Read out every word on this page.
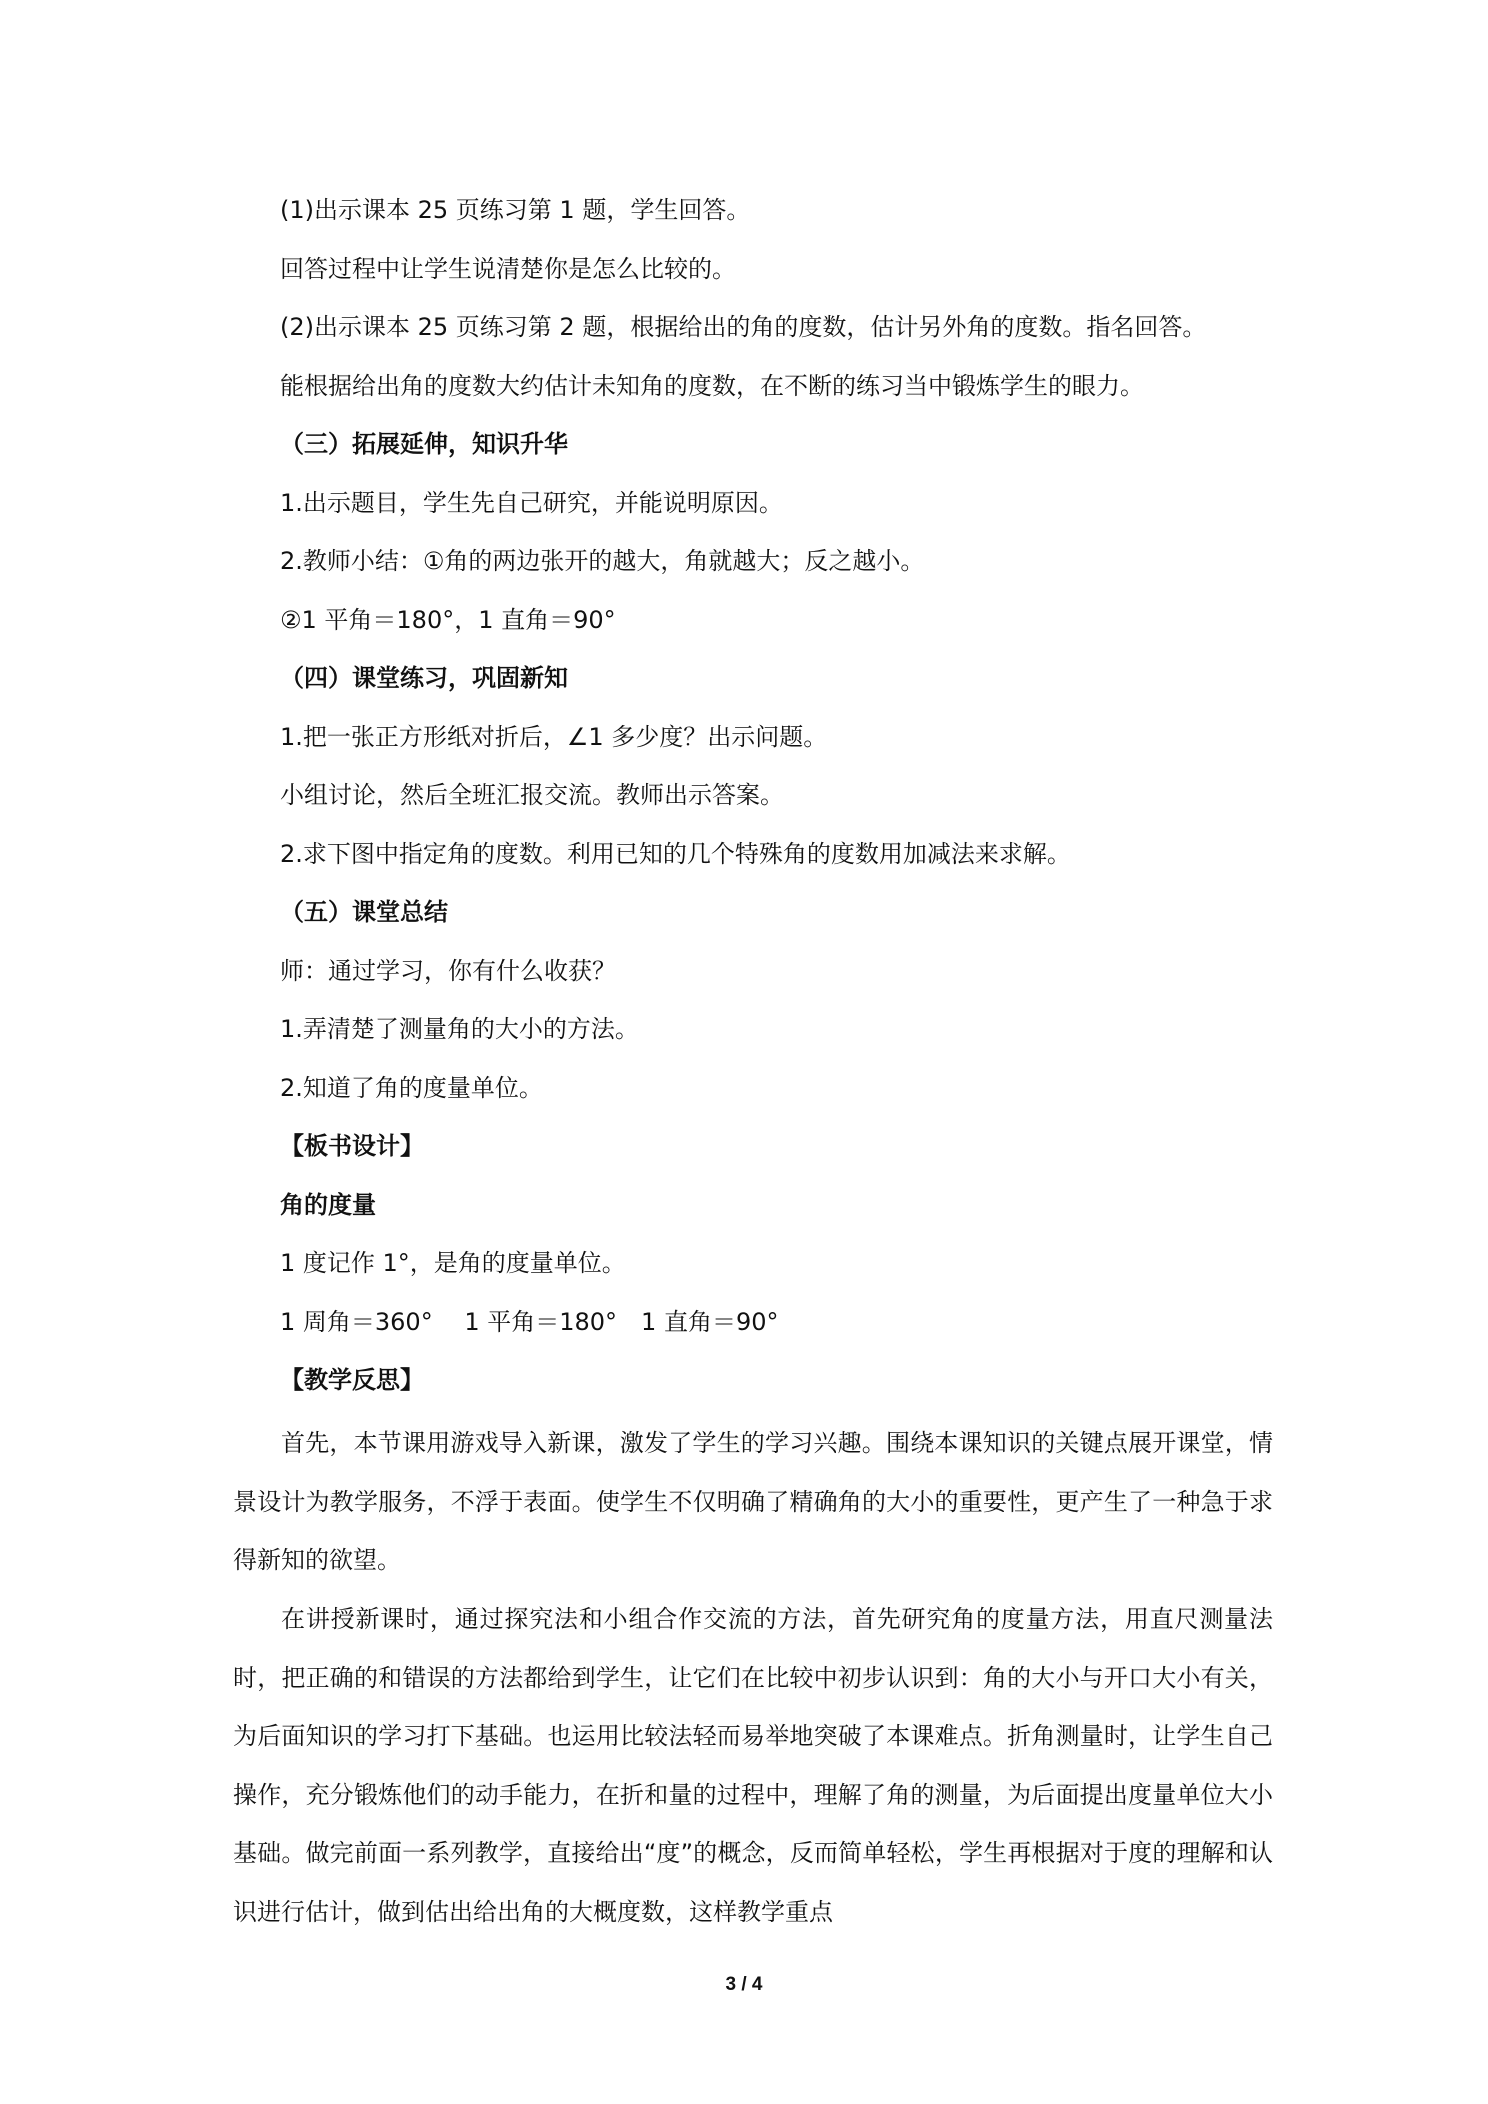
(1)出示课本 25 页练习第 1 题，学生回答。
回答过程中让学生说清楚你是怎么比较的。
(2)出示课本 25 页练习第 2 题，根据给出的角的度数，估计另外角的度数。指名回答。
能根据给出角的度数大约估计未知角的度数，在不断的练习当中锻炼学生的眼力。
（三）拓展延伸，知识升华
1.出示题目，学生先自己研究，并能说明原因。
2.教师小结：①角的两边张开的越大，角就越大；反之越小。
②1 平角＝180°，1 直角＝90°
（四）课堂练习，巩固新知
1.把一张正方形纸对折后，∠1 多少度？出示问题。
小组讨论，然后全班汇报交流。教师出示答案。
2.求下图中指定角的度数。利用已知的几个特殊角的度数用加减法来求解。
（五）课堂总结
师：通过学习，你有什么收获？
1.弄清楚了测量角的大小的方法。
2.知道了角的度量单位。
【板书设计】
角的度量
1 度记作 1°，是角的度量单位。
1 周角＝360°　 1 平角＝180°　1 直角＝90°
【教学反思】
首先，本节课用游戏导入新课，激发了学生的学习兴趣。围绕本课知识的关键点展开课堂，情景设计为教学服务，不浮于表面。使学生不仅明确了精确角的大小的重要性，更产生了一种急于求得新知的欲望。
在讲授新课时，通过探究法和小组合作交流的方法，首先研究角的度量方法，用直尺测量法时，把正确的和错误的方法都给到学生，让它们在比较中初步认识到：角的大小与开口大小有关，为后面知识的学习打下基础。也运用比较法轻而易举地突破了本课难点。折角测量时，让学生自己操作，充分锻炼他们的动手能力，在折和量的过程中，理解了角的测量，为后面提出度量单位大小基础。做完前面一系列教学，直接给出“度”的概念，反而简单轻松，学生再根据对于度的理解和认识进行估计，做到估出给出角的大概度数，这样教学重点
3 / 4
